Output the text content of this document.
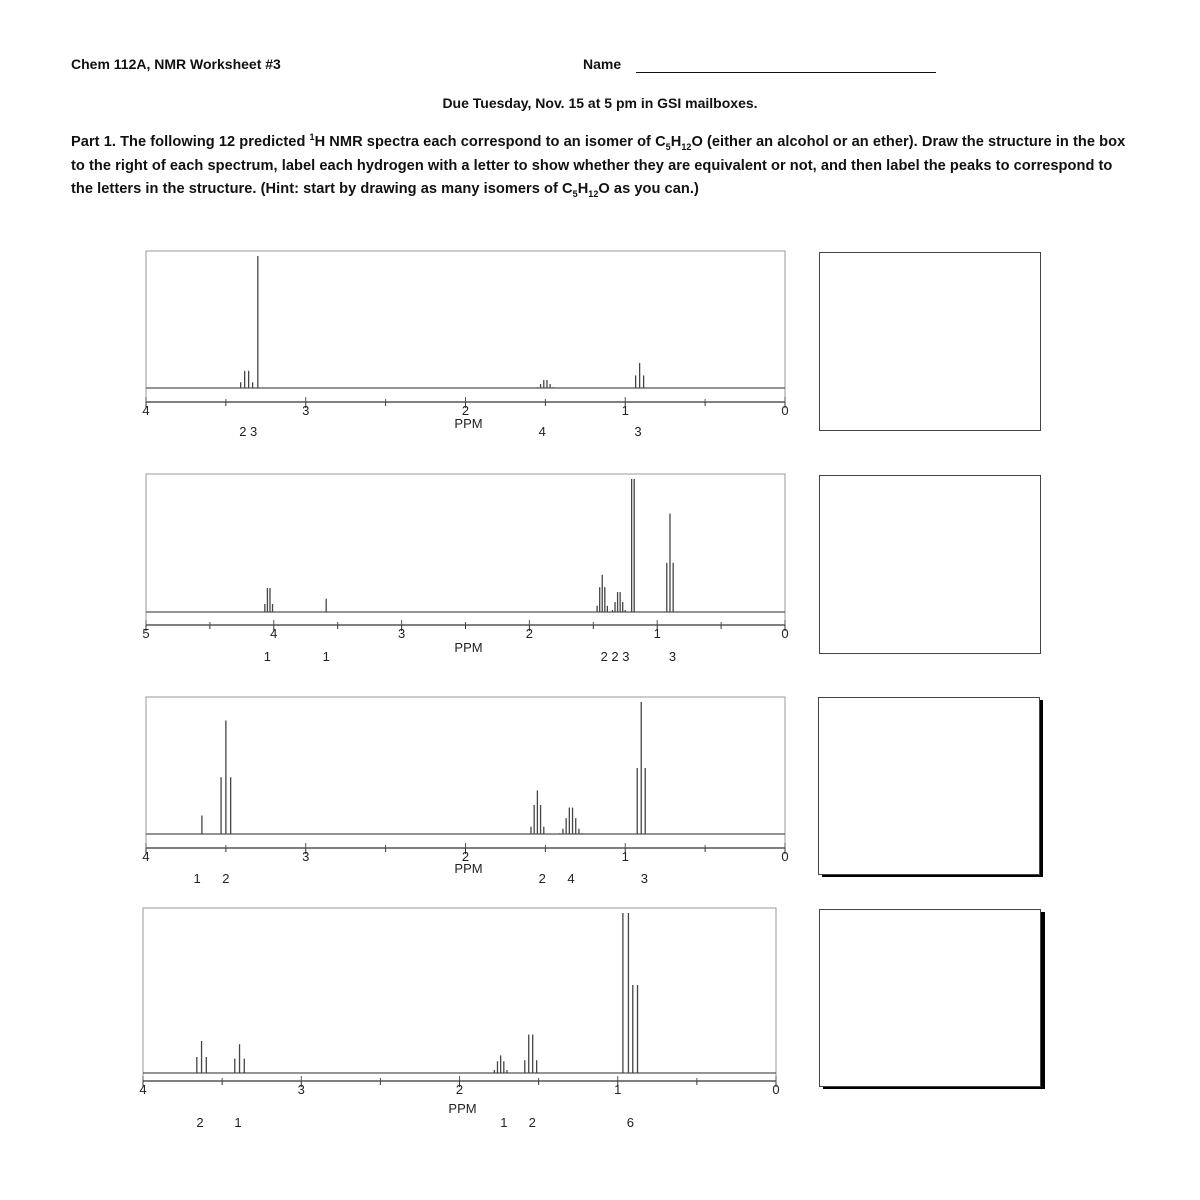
Chem 112A, NMR Worksheet #3	Name
Due Tuesday, Nov. 15 at 5 pm in GSI mailboxes.
Part 1. The following 12 predicted $^1$H NMR spectra each correspond to an isomer of $C_5H_{12}O$ (either an alcohol or an ether). Draw the structure in the box to the right of each spectrum, label each hydrogen with a letter to show whether they are equivalent or not, and then label the peaks to correspond to the letters in the structure. (Hint: start by drawing as many isomers of $C_5H_{12}O$ as you can.)
4	3	2	1	0
PPM
2 3	4	3
5	4	3	2	1	0
PPM
1	1	2 2 3	3
4	3	2	1	0
PPM
1 2	2 4	3
4	3	2	1	0
PPM
2 1	1 2	6
